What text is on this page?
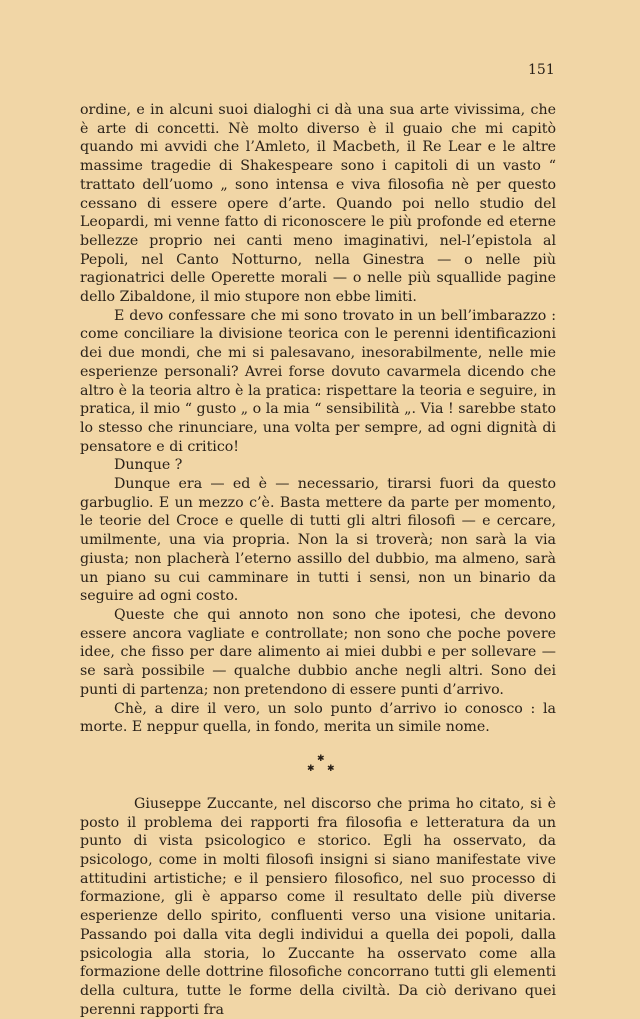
151

ordine, e in alcuni suoi dialoghi ci dà una sua arte vivissima, che è arte di concetti. Nè molto diverso è il guaio che mi capitò quando mi avvidi che l’Amleto, il Macbeth, il Re Lear e le altre massime tragedie di Shakespeare sono i capitoli di un vasto “ trattato dell’uomo „ sono intensa e viva filosofia nè per questo cessano di essere opere d’arte. Quando poi nello studio del Leopardi, mi venne fatto di riconoscere le più profonde ed eterne bellezze proprio nei canti meno imaginativi, nel-l’epistola al Pepoli, nel Canto Notturno, nella Ginestra — o nelle più ragionatrici delle Operette morali — o nelle più squallide pagine dello Zibaldone, il mio stupore non ebbe limiti.

E devo confessare che mi sono trovato in un bell’imbarazzo : come conciliare la divisione teorica con le perenni identificazioni dei due mondi, che mi si palesavano, inesorabilmente, nelle mie esperienze personali? Avrei forse dovuto cavarmela dicendo che altro è la teoria altro è la pratica: rispettare la teoria e seguire, in pratica, il mio “ gusto „ o la mia “ sensibilità „. Via ! sarebbe stato lo stesso che rinunciare, una volta per sempre, ad ogni dignità di pensatore e di critico!

Dunque ?

Dunque era — ed è — necessario, tirarsi fuori da questo garbuglio. E un mezzo c’è. Basta mettere da parte per momento, le teorie del Croce e quelle di tutti gli altri filosofi — e cercare, umilmente, una via propria. Non la si troverà; non sarà la via giusta; non placherà l’eterno assillo del dubbio, ma almeno, sarà un piano su cui camminare in tutti i sensi, non un binario da seguire ad ogni costo.

Queste che qui annoto non sono che ipotesi, che devono essere ancora vagliate e controllate; non sono che poche povere idee, che fisso per dare alimento ai miei dubbi e per sollevare — se sarà possibile — qualche dubbio anche negli altri. Sono dei punti di partenza; non pretendono di essere punti d’arrivo.

Chè, a dire il vero, un solo punto d’arrivo io conosco : la morte. E neppur quella, in fondo, merita un simile nome.

✱
✱ ✱

Giuseppe Zuccante, nel discorso che prima ho citato, si è posto il problema dei rapporti fra filosofia e letteratura da un punto di vista psicologico e storico. Egli ha osservato, da psicologo, come in molti filosofi insigni si siano manifestate vive attitudini artistiche; e il pensiero filosofico, nel suo processo di formazione, gli è apparso come il resultato delle più diverse esperienze dello spirito, confluenti verso una visione unitaria. Passando poi dalla vita degli individui a quella dei popoli, dalla psicologia alla storia, lo Zuccante ha osservato come alla formazione delle dottrine filosofiche concorrano tutti gli elementi della cultura, tutte le forme della civiltà. Da ciò derivano quei perenni rapporti fra
